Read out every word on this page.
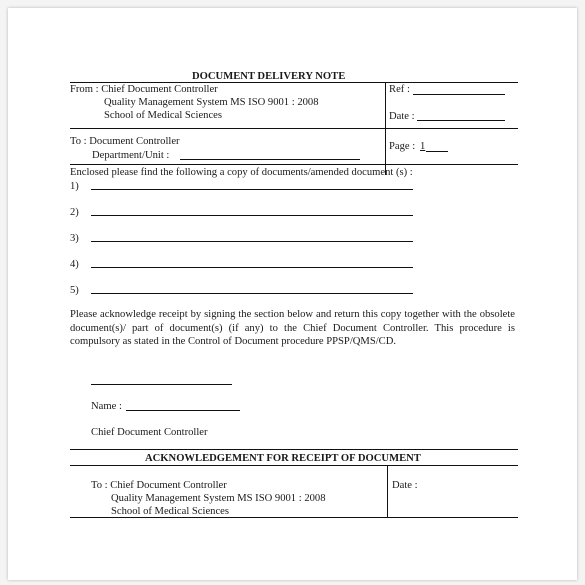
DOCUMENT DELIVERY NOTE
From : Chief Document Controller
Quality Management System MS ISO 9001 : 2008
School of Medical Sciences
Ref :
Date :
To : Document Controller
Department/Unit :
Page : 1
Enclosed please find the following a copy of documents/amended document (s) :
1)
2)
3)
4)
5)
Please acknowledge receipt by signing the section below and return this copy together with the obsolete document(s)/ part of document(s) (if any) to the Chief Document Controller. This procedure is compulsory as stated in the Control of Document procedure PPSP/QMS/CD.
Name :
Chief Document Controller
ACKNOWLEDGEMENT FOR RECEIPT OF DOCUMENT
To : Chief Document Controller
Quality Management System MS ISO 9001 : 2008
School of Medical Sciences
Date :
